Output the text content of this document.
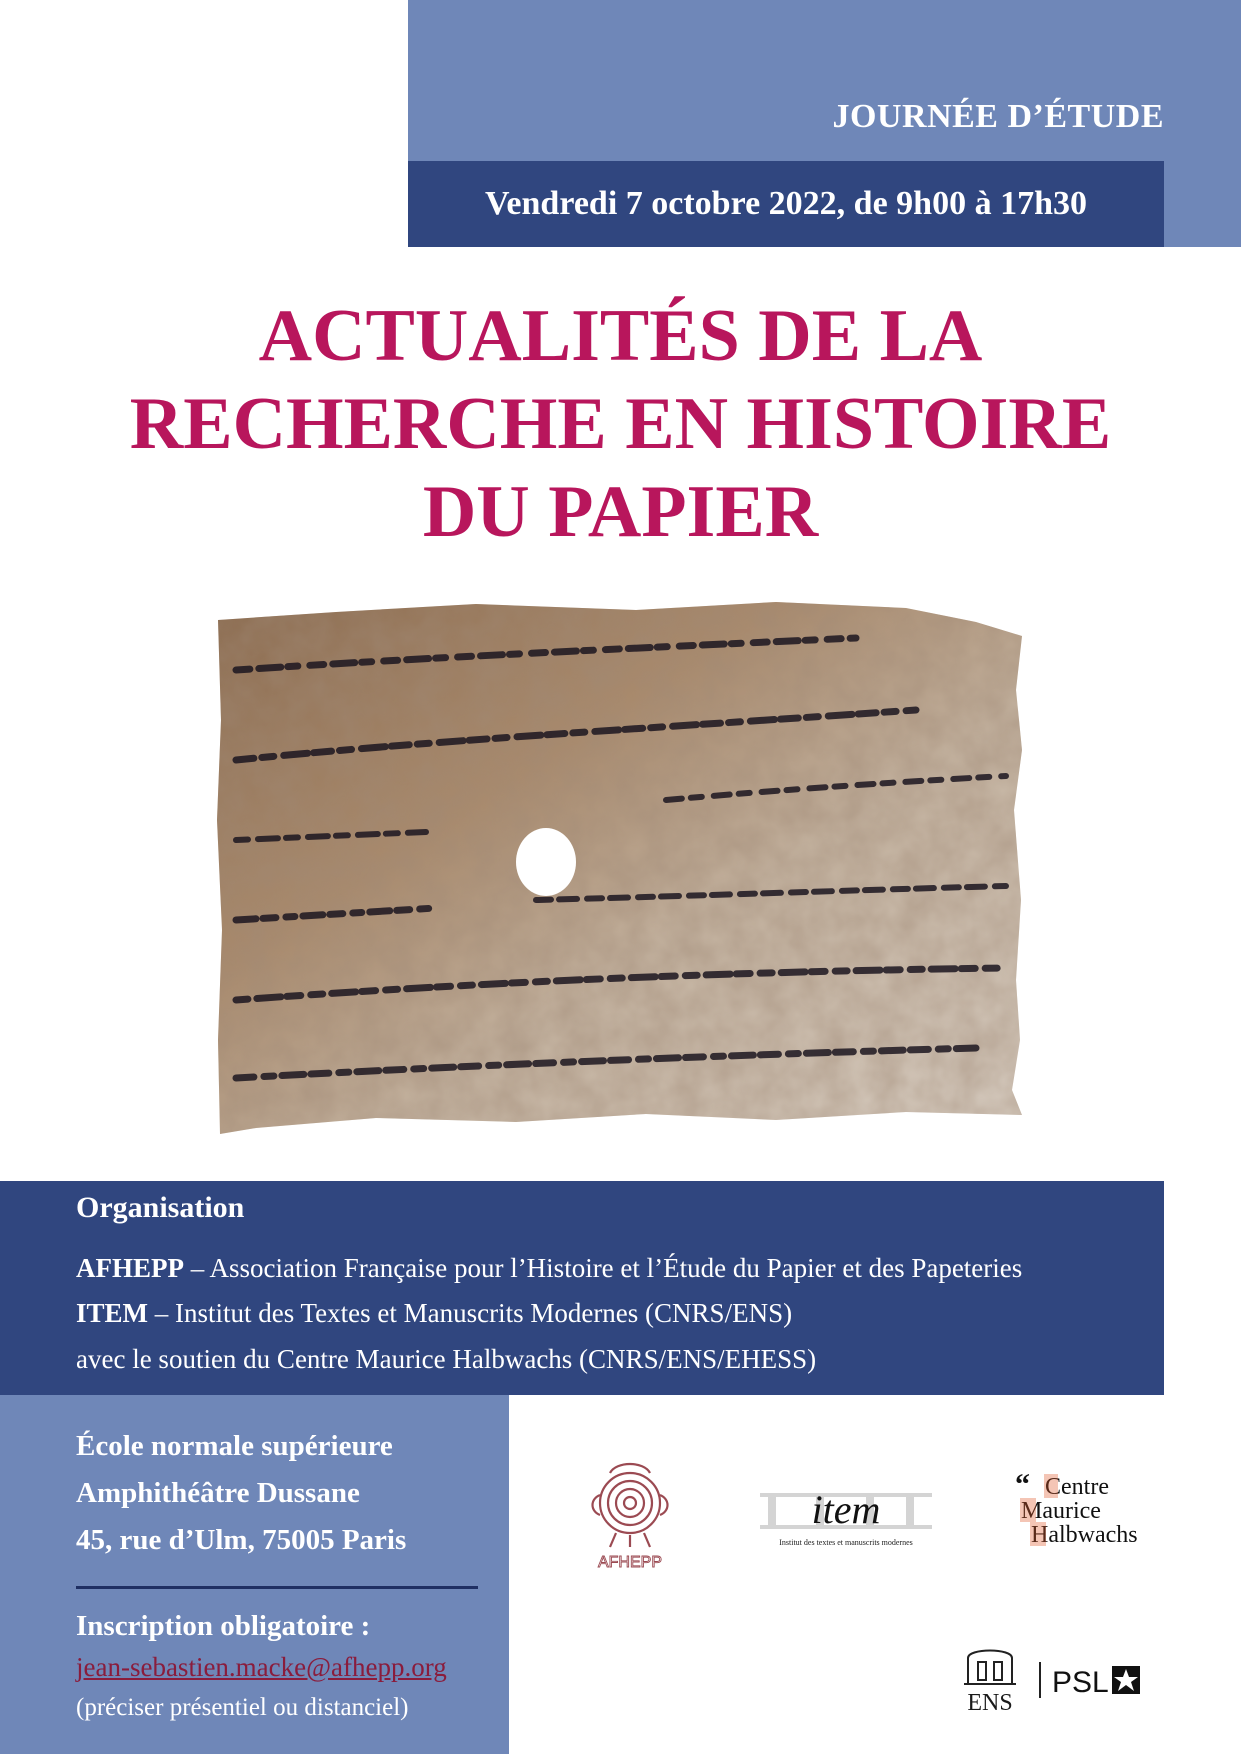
JOURNÉE D’ÉTUDE
Vendredi 7 octobre 2022, de 9h00 à 17h30
ACTUALITÉS DE LA
RECHERCHE EN HISTOIRE
DU PAPIER
Organisation
AFHEPP – Association Française pour l’Histoire et l’Étude du Papier et des Papeteries
ITEM – Institut des Textes et Manuscrits Modernes (CNRS/ENS)
avec le soutien du Centre Maurice Halbwachs (CNRS/ENS/EHESS)
École normale supérieure
Amphithéâtre Dussane
45, rue d’Ulm, 75005 Paris
Inscription obligatoire :
jean-sebastien.macke@afhepp.org
(préciser présentiel ou distanciel)
AFHEPP
item
Institut des textes et manuscrits modernes
“ Centre
Maurice
Halbwachs
ENS
PSL
